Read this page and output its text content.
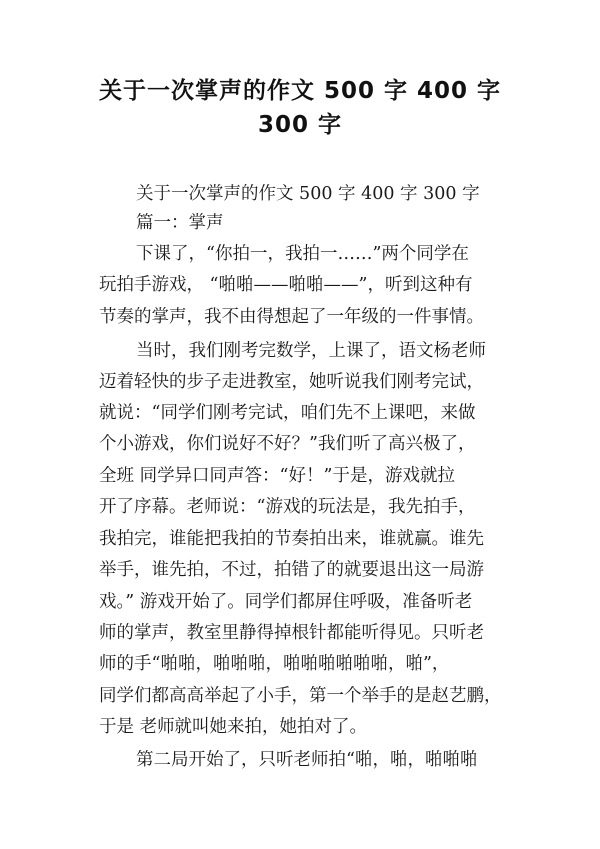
关于一次掌声的作文 500 字 400 字
300 字
关于一次掌声的作文 500 字 400 字 300 字
篇一：掌声
下课了，“你拍一，我拍一……”两个同学在
玩拍手游戏， “啪啪——啪啪——”，听到这种有
节奏的掌声，我不由得想起了一年级的一件事情。
当时，我们刚考完数学，上课了，语文杨老师
迈着轻快的步子走进教室，她听说我们刚考完试，
就说：“同学们刚考完试，咱们先不上课吧，来做
个小游戏，你们说好不好？”我们听了高兴极了，
全班 同学异口同声答：“好！”于是，游戏就拉
开了序幕。老师说：“游戏的玩法是，我先拍手，
我拍完，谁能把我拍的节奏拍出来，谁就赢。谁先
举手，谁先拍，不过，拍错了的就要退出这一局游
戏。” 游戏开始了。同学们都屏住呼吸，准备听老
师的掌声，教室里静得掉根针都能听得见。只听老
师的手“啪啪，啪啪啪，啪啪啪啪啪啪，啪”，
同学们都高高举起了小手，第一个举手的是赵艺鹏，
于是 老师就叫她来拍，她拍对了。
第二局开始了，只听老师拍“啪，啪，啪啪啪
